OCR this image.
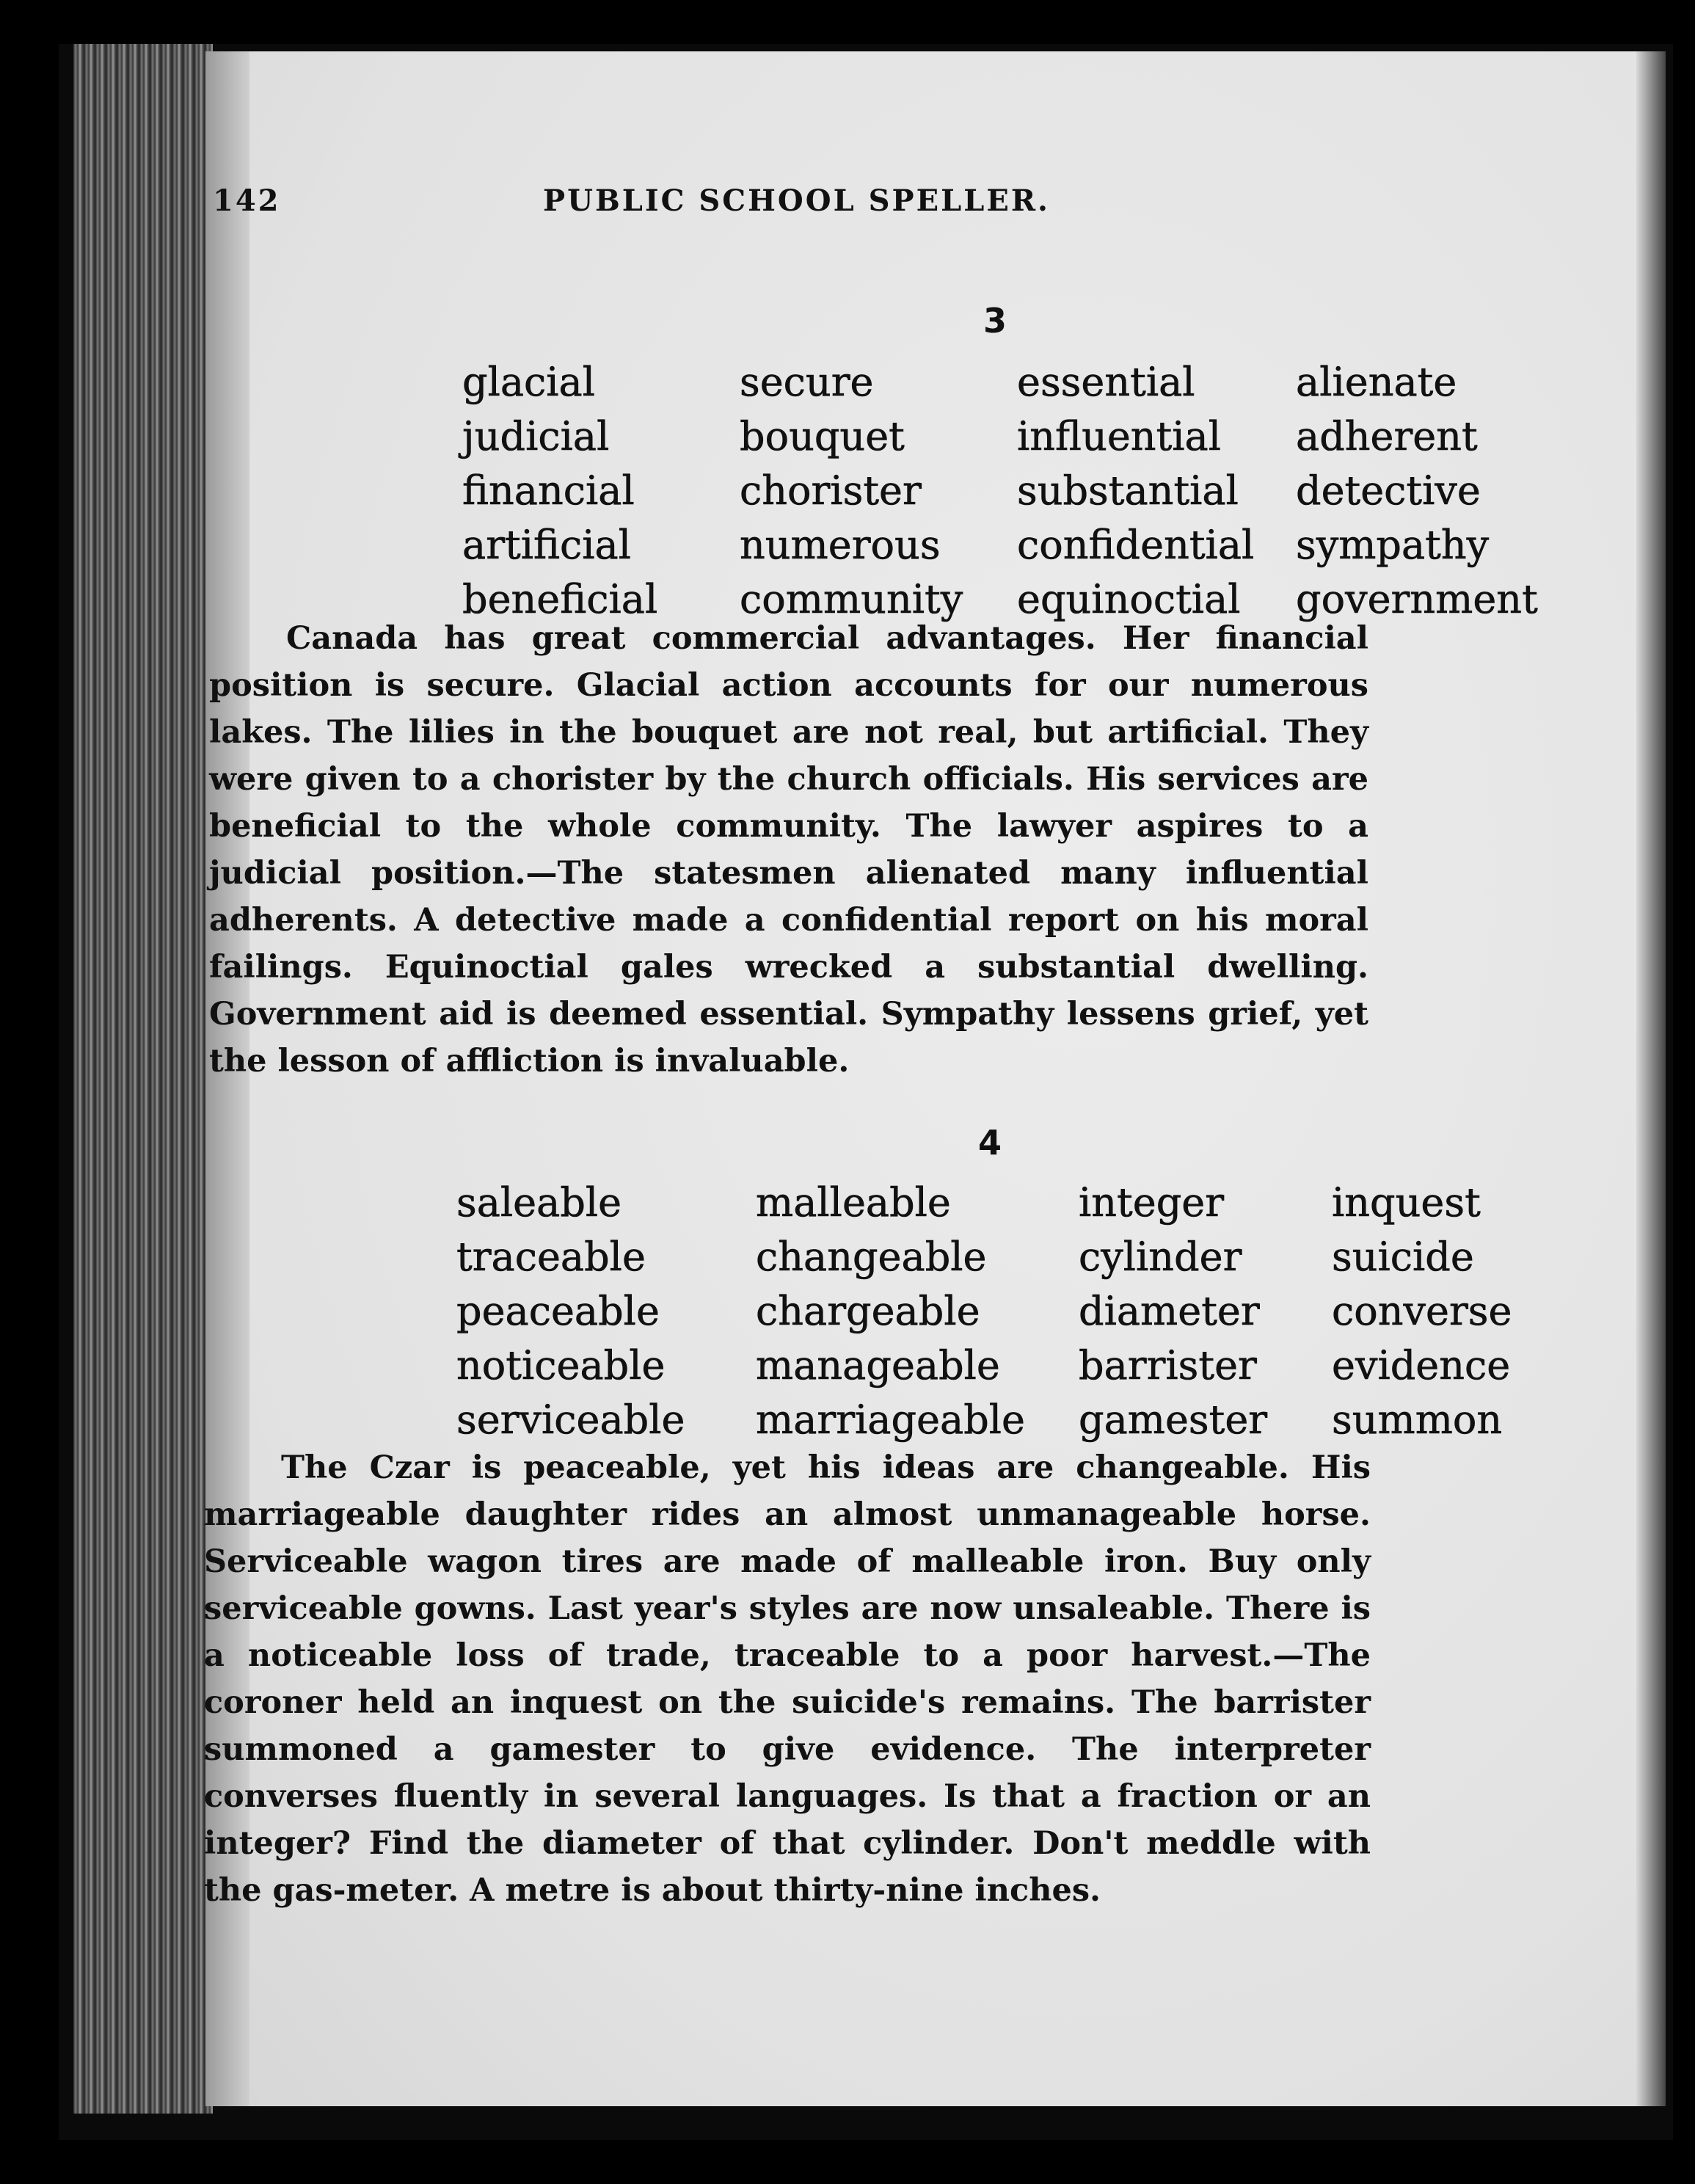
142	PUBLIC SCHOOL SPELLER.
3
glacial	secure	essential	alienate
judicial	bouquet	influential	adherent
financial	chorister	substantial	detective
artificial	numerous	confidential	sympathy
beneficial	community	equinoctial	government

Canada has great commercial advantages. Her financial position is secure. Glacial action accounts for our numerous lakes. The lilies in the bouquet are not real, but artificial. They were given to a chorister by the church officials. His services are beneficial to the whole community. The lawyer aspires to a judicial position.—The statesmen alienated many influential adherents. A detective made a confidential report on his moral failings. Equinoctial gales wrecked a substantial dwelling. Government aid is deemed essential. Sympathy lessens grief, yet the lesson of affliction is invaluable.

4
saleable	malleable	integer	inquest
traceable	changeable	cylinder	suicide
peaceable	chargeable	diameter	converse
noticeable	manageable	barrister	evidence
serviceable	marriageable	gamester	summon

The Czar is peaceable, yet his ideas are changeable. His marriageable daughter rides an almost unmanageable horse. Serviceable wagon tires are made of malleable iron. Buy only serviceable gowns. Last year's styles are now unsaleable. There is a noticeable loss of trade, traceable to a poor harvest.—The coroner held an inquest on the suicide's remains. The barrister summoned a gamester to give evidence. The interpreter converses fluently in several languages. Is that a fraction or an integer? Find the diameter of that cylinder. Don't meddle with the gas-meter. A metre is about thirty-nine inches.
